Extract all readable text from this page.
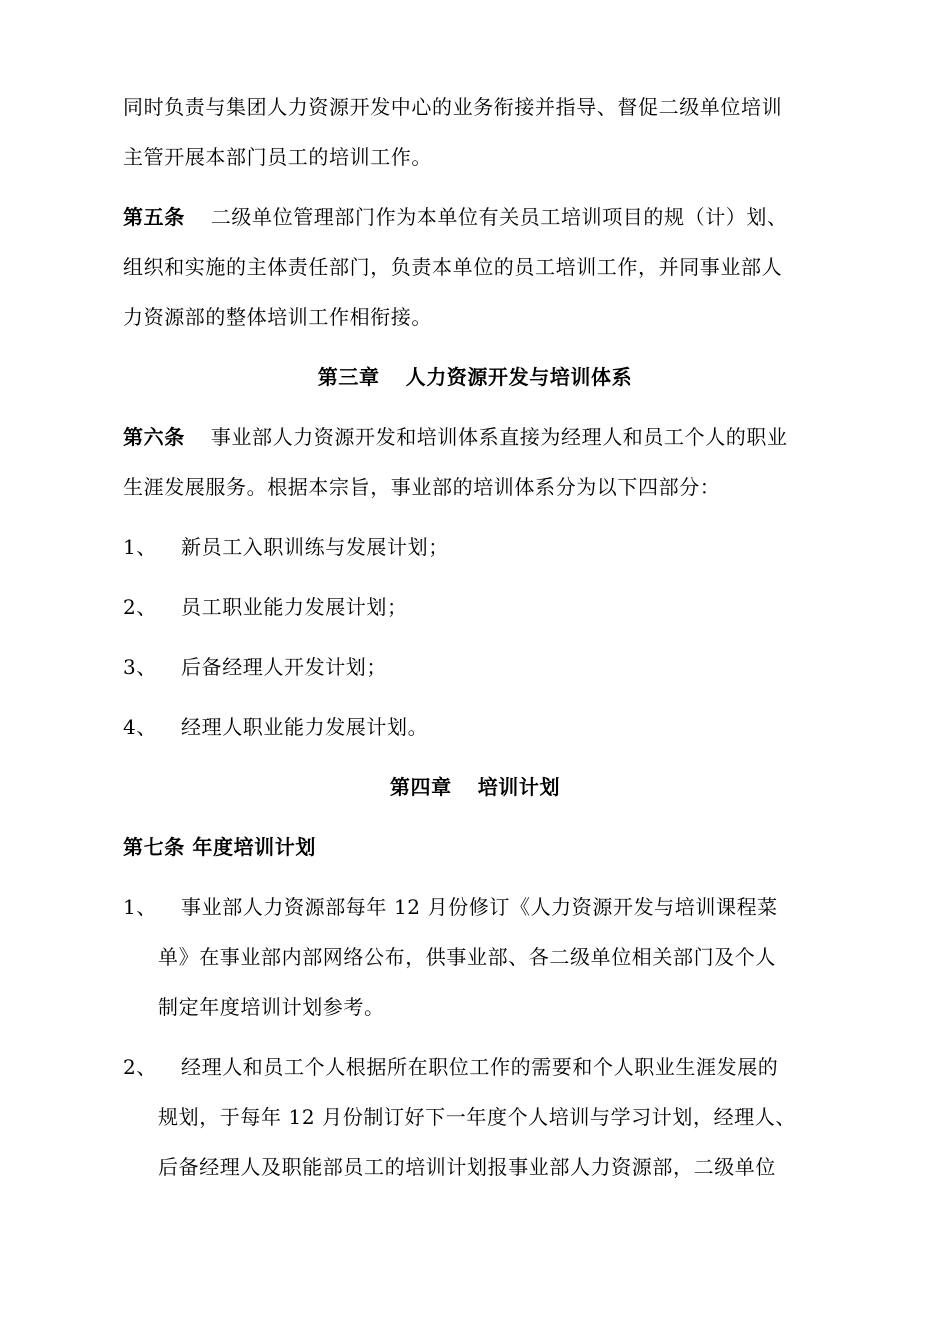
同时负责与集团人力资源开发中心的业务衔接并指导、督促二级单位培训
主管开展本部门员工的培训工作。
第五条 二级单位管理部门作为本单位有关员工培训项目的规（计）划、
组织和实施的主体责任部门，负责本单位的员工培训工作，并同事业部人
力资源部的整体培训工作相衔接。
第三章 人力资源开发与培训体系
第六条 事业部人力资源开发和培训体系直接为经理人和员工个人的职业
生涯发展服务。根据本宗旨，事业部的培训体系分为以下四部分：
1、 新员工入职训练与发展计划；
2、 员工职业能力发展计划；
3、 后备经理人开发计划；
4、 经理人职业能力发展计划。
第四章 培训计划
第七条 年度培训计划
1、 事业部人力资源部每年 12 月份修订《人力资源开发与培训课程菜
单》在事业部内部网络公布，供事业部、各二级单位相关部门及个人
制定年度培训计划参考。
2、 经理人和员工个人根据所在职位工作的需要和个人职业生涯发展的
规划，于每年 12 月份制订好下一年度个人培训与学习计划，经理人、
后备经理人及职能部员工的培训计划报事业部人力资源部，二级单位
